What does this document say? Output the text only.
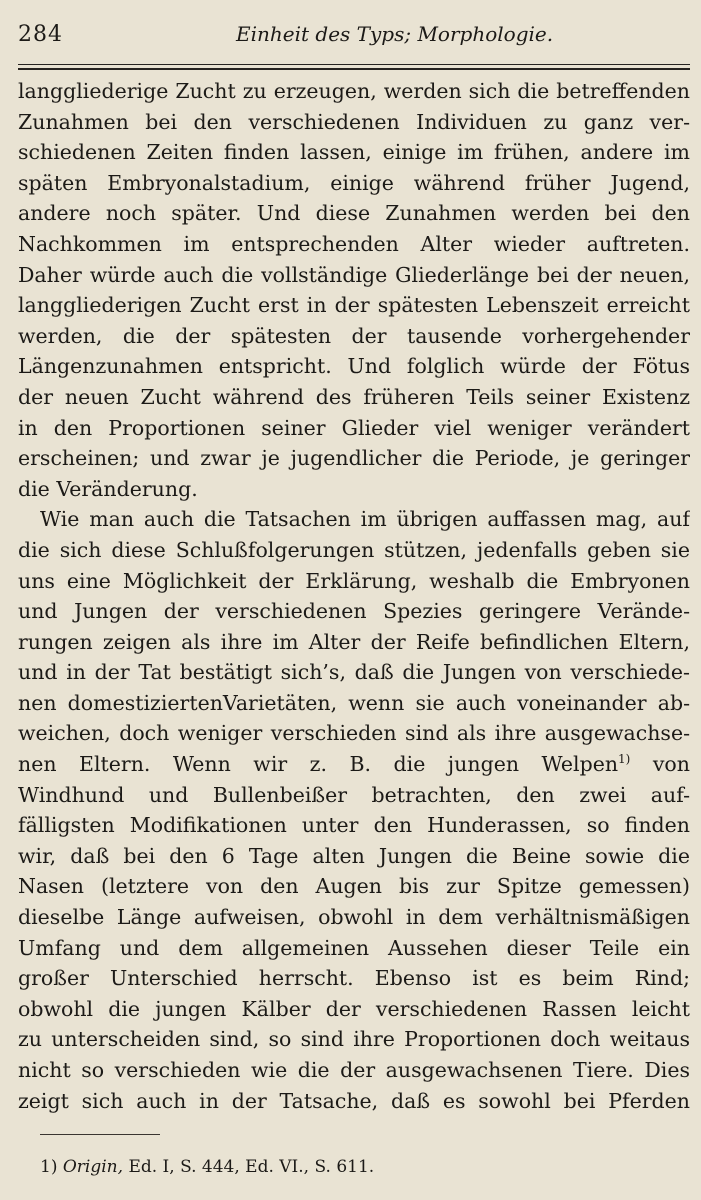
284	Einheit des Typs; Morphologie.
langgliederige Zucht zu erzeugen, werden sich die betreffenden
Zunahmen bei den verschiedenen Individuen zu ganz ver-
schiedenen Zeiten finden lassen, einige im frühen, andere im
späten Embryonalstadium, einige während früher Jugend,
andere noch später. Und diese Zunahmen werden bei den
Nachkommen im entsprechenden Alter wieder auftreten.
Daher würde auch die vollständige Gliederlänge bei der neuen,
langgliederigen Zucht erst in der spätesten Lebenszeit erreicht
werden, die der spätesten der tausende vorhergehender
Längenzunahmen entspricht. Und folglich würde der Fötus
der neuen Zucht während des früheren Teils seiner Existenz
in den Proportionen seiner Glieder viel weniger verändert
erscheinen; und zwar je jugendlicher die Periode, je geringer
die Veränderung.
Wie man auch die Tatsachen im übrigen auffassen mag, auf
die sich diese Schlußfolgerungen stützen, jedenfalls geben sie
uns eine Möglichkeit der Erklärung, weshalb die Embryonen
und Jungen der verschiedenen Spezies geringere Verände-
rungen zeigen als ihre im Alter der Reife befindlichen Eltern,
und in der Tat bestätigt sich’s, daß die Jungen von verschiede-
nen domestiziertenVarietäten, wenn sie auch voneinander ab-
weichen, doch weniger verschieden sind als ihre ausgewachse-
nen Eltern. Wenn wir z. B. die jungen Welpen$^{1)}$ von
Windhund und Bullenbeißer betrachten, den zwei auf-
fälligsten Modifikationen unter den Hunderassen, so finden
wir, daß bei den 6 Tage alten Jungen die Beine sowie die
Nasen (letztere von den Augen bis zur Spitze gemessen)
dieselbe Länge aufweisen, obwohl in dem verhältnismäßigen
Umfang und dem allgemeinen Aussehen dieser Teile ein
großer Unterschied herrscht. Ebenso ist es beim Rind;
obwohl die jungen Kälber der verschiedenen Rassen leicht
zu unterscheiden sind, so sind ihre Proportionen doch weitaus
nicht so verschieden wie die der ausgewachsenen Tiere. Dies
zeigt sich auch in der Tatsache, daß es sowohl bei Pferden
1) Origin, Ed. I, S. 444, Ed. VI., S. 611.
